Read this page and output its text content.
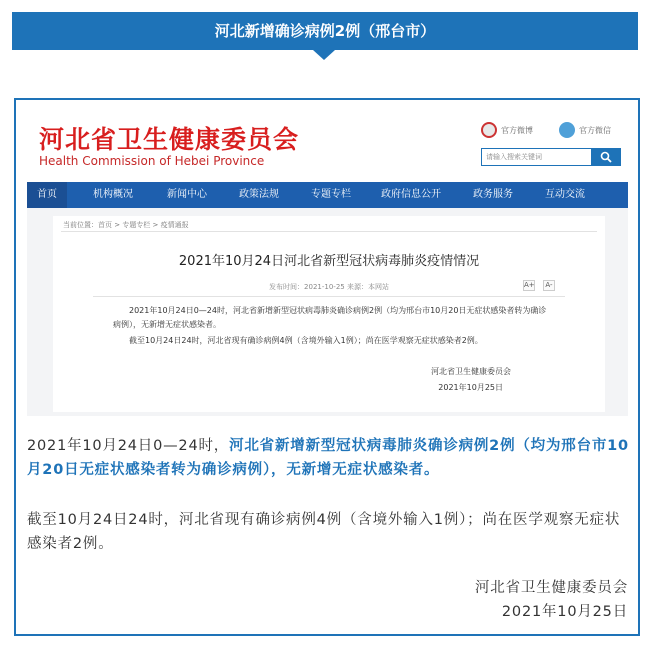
河北新增确诊病例2例（邢台市）
河北省卫生健康委员会
Health Commission of Hebei Province
官方微博	官方微信
请输入搜索关键词
首页	机构概况	新闻中心	政策法规	专题专栏	政府信息公开	政务服务	互动交流
当前位置：首页 > 专题专栏 > 疫情通报
2021年10月24日河北省新型冠状病毒肺炎疫情情况
发布时间：2021-10-25 来源：本网站	A+	A-
2021年10月24日0—24时，河北省新增新型冠状病毒肺炎确诊病例2例（均为邢台市10月20日无症状感染者转为确诊病例），无新增无症状感染者。
截至10月24日24时，河北省现有确诊病例4例（含境外输入1例）；尚在医学观察无症状感染者2例。
河北省卫生健康委员会
2021年10月25日
2021年10月24日0—24时，河北省新增新型冠状病毒肺炎确诊病例2例（均为邢台市10月20日无症状感染者转为确诊病例），无新增无症状感染者。
截至10月24日24时，河北省现有确诊病例4例（含境外输入1例）；尚在医学观察无症状感染者2例。
河北省卫生健康委员会
2021年10月25日
